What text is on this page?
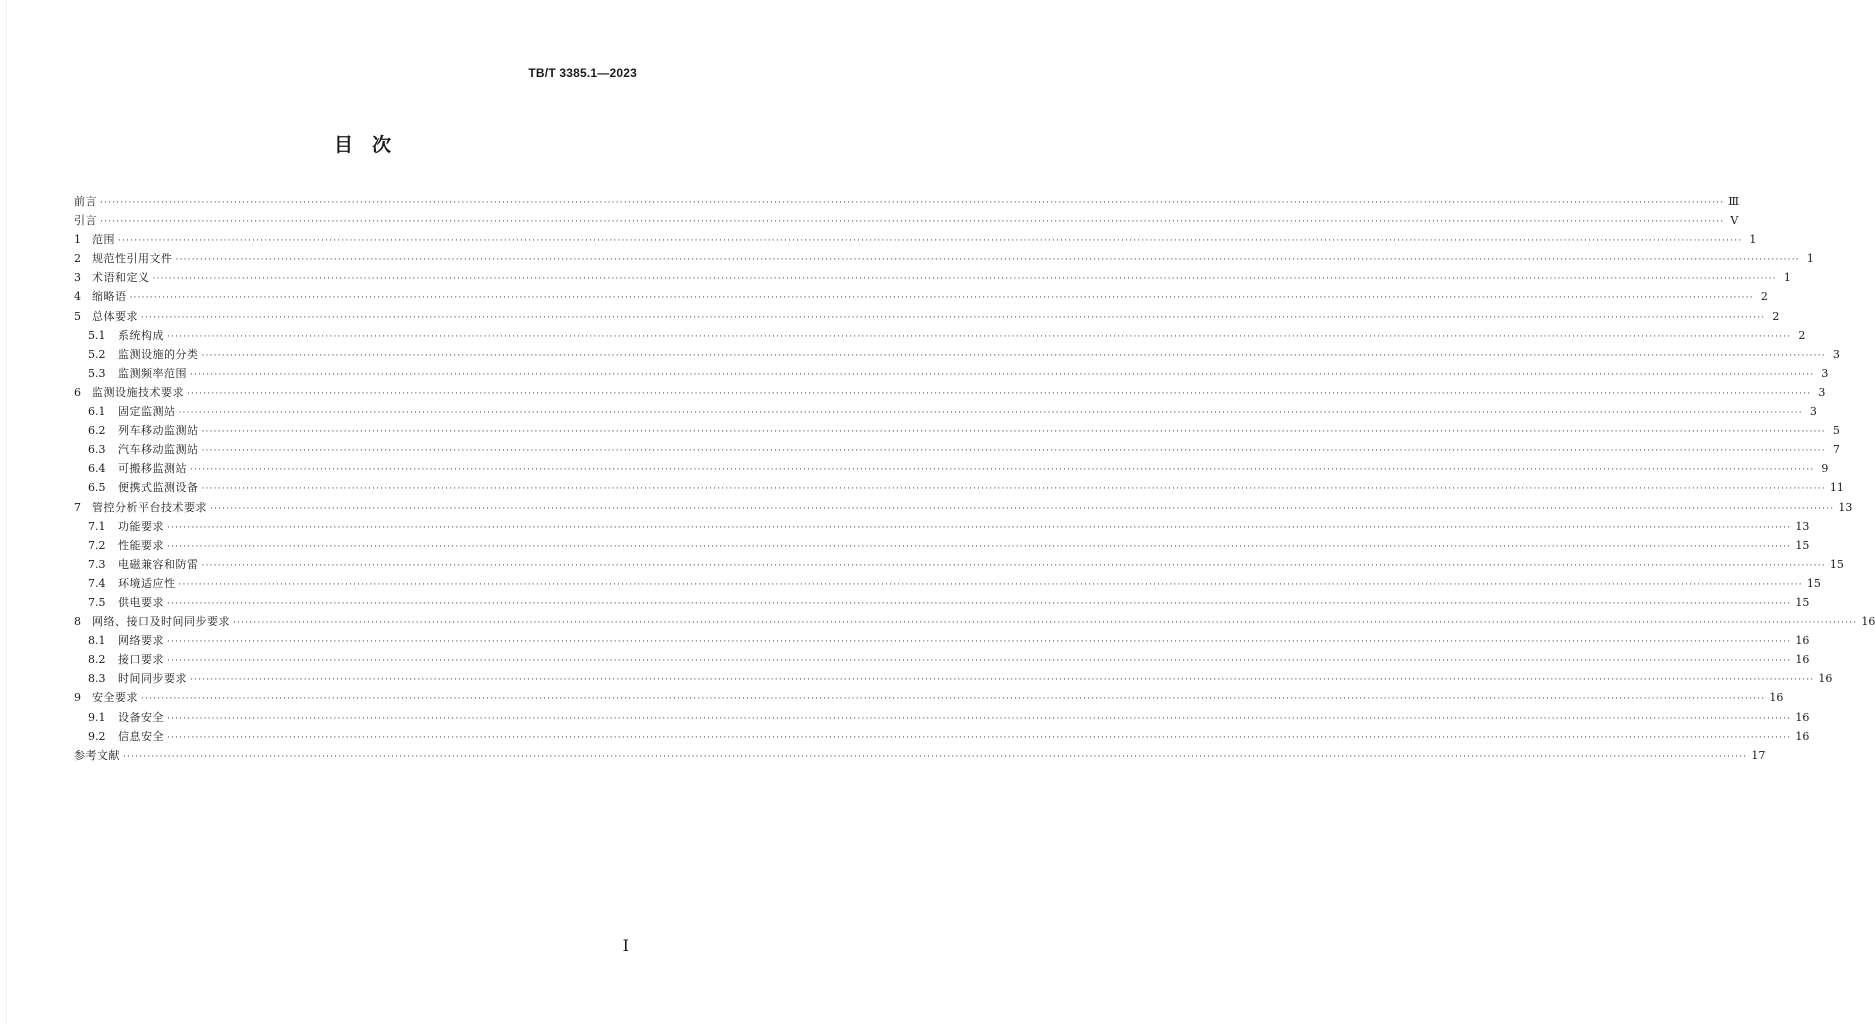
TB/T 3385.1—2023
目　次
前言 ················································································································································································································································································································································································································ Ⅲ
引言 ················································································································································································································································································································································································································ Ⅴ
1	范围 ················································································································································································································································································································································································································ 1
2	规范性引用文件 ················································································································································································································································································································································································································ 1
3	术语和定义 ················································································································································································································································································································································································································ 1
4	缩略语 ················································································································································································································································································································································································································ 2
5	总体要求 ················································································································································································································································································································································································································ 2
5.1	系统构成 ················································································································································································································································································································································································································ 2
5.2	监测设施的分类 ················································································································································································································································································································································································································ 3
5.3	监测频率范围 ················································································································································································································································································································································································································ 3
6	监测设施技术要求 ················································································································································································································································································································································································································ 3
6.1	固定监测站 ················································································································································································································································································································································································································ 3
6.2	列车移动监测站 ················································································································································································································································································································································································································ 5
6.3	汽车移动监测站 ················································································································································································································································································································································································································ 7
6.4	可搬移监测站 ················································································································································································································································································································································································································ 9
6.5	便携式监测设备 ················································································································································································································································································································································································································ 11
7	管控分析平台技术要求 ················································································································································································································································································································································································································ 13
7.1	功能要求 ················································································································································································································································································································································································································ 13
7.2	性能要求 ················································································································································································································································································································································································································ 15
7.3	电磁兼容和防雷 ················································································································································································································································································································································································································ 15
7.4	环境适应性 ················································································································································································································································································································································································································ 15
7.5	供电要求 ················································································································································································································································································································································································································ 15
8	网络、接口及时间同步要求 ················································································································································································································································································································································································································ 16
8.1	网络要求 ················································································································································································································································································································································································································ 16
8.2	接口要求 ················································································································································································································································································································································································································ 16
8.3	时间同步要求 ················································································································································································································································································································································································································ 16
9	安全要求 ················································································································································································································································································································································································································ 16
9.1	设备安全 ················································································································································································································································································································································································································ 16
9.2	信息安全 ················································································································································································································································································································································································································ 16
参考文献 ················································································································································································································································································································································································································ 17
I
